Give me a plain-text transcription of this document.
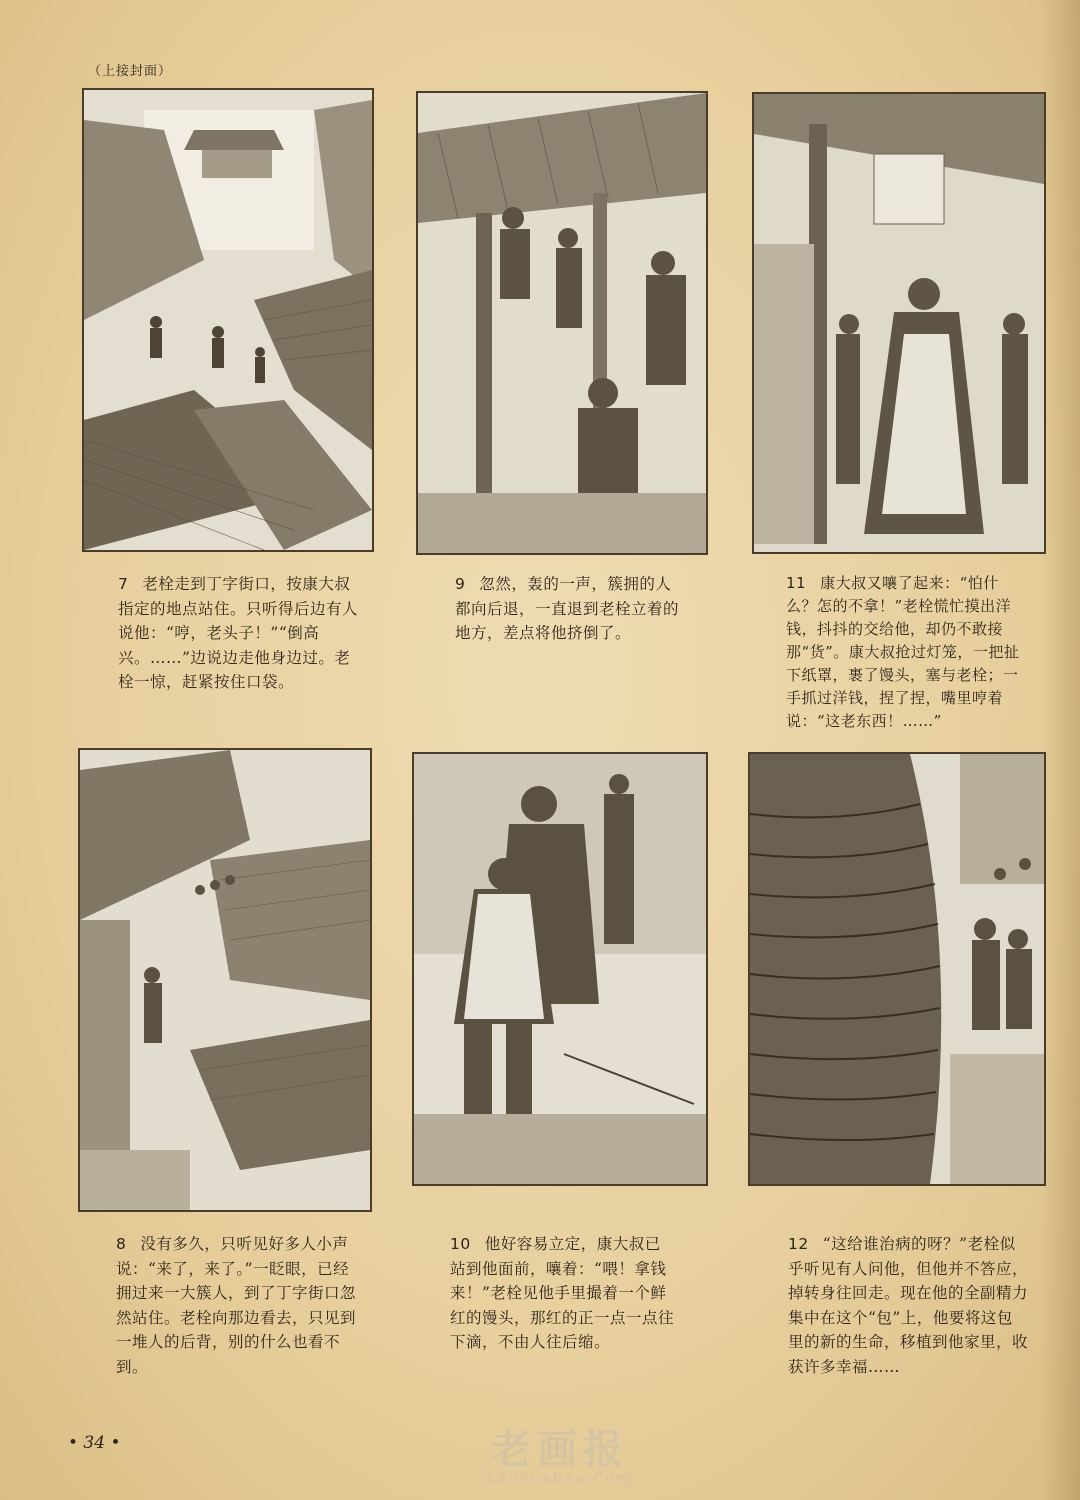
（上接封面）
7 老栓走到丁字街口，按康大叔指定的地点站住。只听得后边有人说他：“哼，老头子！”“倒高兴。……”边说边走他身边过。老栓一惊，赶紧按住口袋。
9 忽然，轰的一声，簇拥的人都向后退，一直退到老栓立着的地方，差点将他挤倒了。
11 康大叔又嚷了起来：“怕什么？怎的不拿！”老栓慌忙摸出洋钱，抖抖的交给他，却仍不敢接那“货”。康大叔抢过灯笼，一把扯下纸罩，裹了馒头，塞与老栓；一手抓过洋钱，捏了捏，嘴里哼着说：“这老东西！……”
8 没有多久，只听见好多人小声说：“来了，来了。”一眨眼，已经拥过来一大簇人，到了丁字街口忽然站住。老栓向那边看去，只见到一堆人的后背，别的什么也看不到。
10 他好容易立定，康大叔已站到他面前，嚷着：“喂！拿钱来！”老栓见他手里撮着一个鲜红的馒头，那红的正一点一点往下滴，不由人往后缩。
12 “这给谁治病的呀？”老栓似乎听见有人问他，但他并不答应，掉转身往回走。现在他的全副精力集中在这个“包”上，他要将这包里的新的生命，移植到他家里，收获许多幸福……
• 34 •	老画报
Laohuabao.Com
